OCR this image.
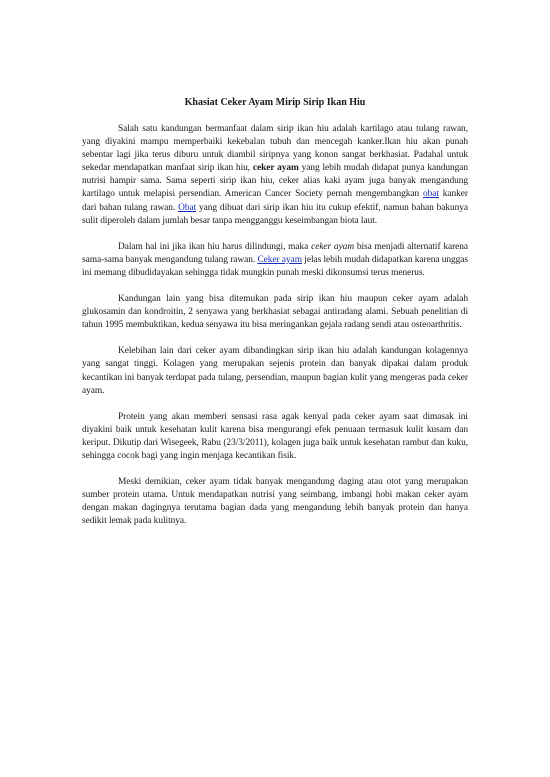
Khasiat Ceker Ayam Mirip Sirip Ikan Hiu

Salah satu kandungan bermanfaat dalam sirip ikan hiu adalah kartilago atau tulang rawan, yang diyakini mampu memperbaiki kekebalan tubuh dan mencegah kanker.Ikan hiu akan punah sebentar lagi jika terus diburu untuk diambil siripnya yang konon sangat berkhasiat. Padahal untuk sekedar mendapatkan manfaat sirip ikan hiu, ceker ayam yang lebih mudah didapat punya kandungan nutrisi hampir sama. Sama seperti sirip ikan hiu, ceker alias kaki ayam juga banyak mengandung kartilago untuk melapisi persendian. American Cancer Society pernah mengembangkan obat kanker dari bahan tulang rawan. Obat yang dibuat dari sirip ikan hiu itu cukup efektif, namun bahan bakunya sulit diperoleh dalam jumlah besar tanpa mengganggu keseimbangan biota laut.

Dalam hal ini jika ikan hiu harus dilindungi, maka ceker ayam bisa menjadi alternatif karena sama-sama banyak mengandung tulang rawan. Ceker ayam jelas lebih mudah didapatkan karena unggas ini memang dibudidayakan sehingga tidak mungkin punah meski dikonsumsi terus menerus.

Kandungan lain yang bisa ditemukan pada sirip ikan hiu maupun ceker ayam adalah glukosamin dan kondroitin, 2 senyawa yang berkhasiat sebagai antiradang alami. Sebuah penelitian di tahun 1995 membuktikan, kedua senyawa itu bisa meringankan gejala radang sendi atau osteoarthritis.

Kelebihan lain dari ceker ayam dibandingkan sirip ikan hiu adalah kandungan kolagennya yang sangat tinggi. Kolagen yang merupakan sejenis protein dan banyak dipakai dalam produk kecantikan ini banyak terdapat pada tulang, persendian, maupun bagian kulit yang mengeras pada ceker ayam.

Protein yang akan memberi sensasi rasa agak kenyal pada ceker ayam saat dimasak ini diyakini baik untuk kesehatan kulit karena bisa mengurangi efek penuaan termasuk kulit kusam dan keriput. Dikutip dari Wisegeek, Rabu (23/3/2011), kolagen juga baik untuk kesehatan rambut dan kuku, sehingga cocok bagi yang ingin menjaga kecantikan fisik.

Meski demikian, ceker ayam tidak banyak mengandung daging atau otot yang merupakan sumber protein utama. Untuk mendapatkan nutrisi yang seimbang, imbangi hobi makan ceker ayam dengan makan dagingnya terutama bagian dada yang mengandung lebih banyak protein dan hanya sedikit lemak pada kulitnya.
